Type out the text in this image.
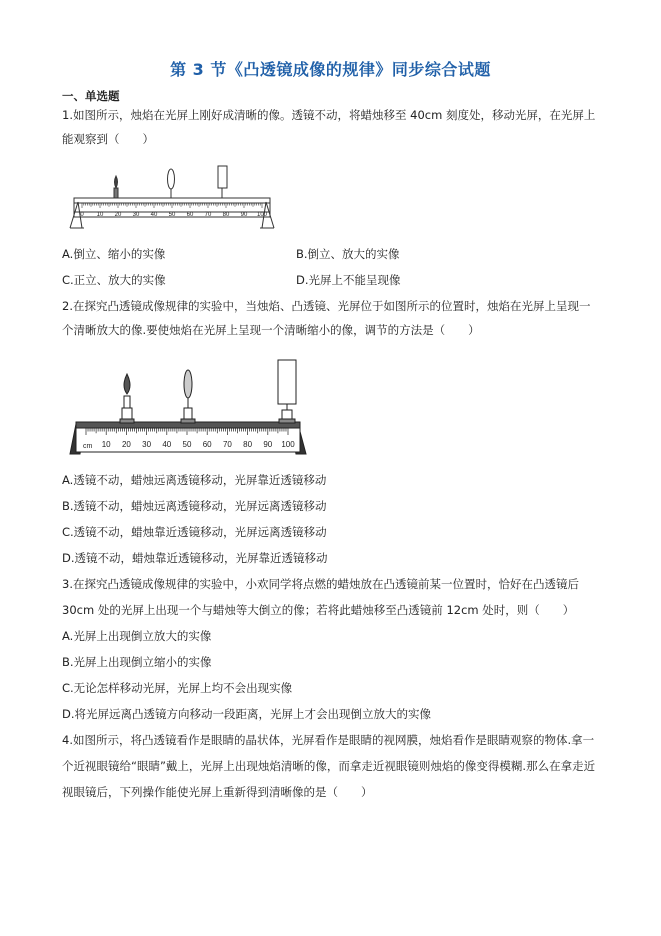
第 3 节《凸透镜成像的规律》同步综合试题
一、单选题
1.如图所示，烛焰在光屏上刚好成清晰的像。透镜不动，将蜡烛移至 40cm 刻度处，移动光屏，在光屏上
能观察到（　　）
0 10 20 30 40 50 60 70 80 90 100
A.倒立、缩小的实像	B.倒立、放大的实像
C.正立、放大的实像	D.光屏上不能呈现像
2.在探究凸透镜成像规律的实验中，当烛焰、凸透镜、光屏位于如图所示的位置时，烛焰在光屏上呈现一
个清晰放大的像.要使烛焰在光屏上呈现一个清晰缩小的像，调节的方法是（　　）
cm 10 20 30 40 50 60 70 80 90 100
A.透镜不动，蜡烛远离透镜移动，光屏靠近透镜移动
B.透镜不动，蜡烛远离透镜移动，光屏远离透镜移动
C.透镜不动，蜡烛靠近透镜移动，光屏远离透镜移动
D.透镜不动，蜡烛靠近透镜移动，光屏靠近透镜移动
3.在探究凸透镜成像规律的实验中，小欢同学将点燃的蜡烛放在凸透镜前某一位置时，恰好在凸透镜后
30cm 处的光屏上出现一个与蜡烛等大倒立的像；若将此蜡烛移至凸透镜前 12cm 处时，则（　　）
A.光屏上出现倒立放大的实像
B.光屏上出现倒立缩小的实像
C.无论怎样移动光屏，光屏上均不会出现实像
D.将光屏远离凸透镜方向移动一段距离，光屏上才会出现倒立放大的实像
4.如图所示，将凸透镜看作是眼睛的晶状体，光屏看作是眼睛的视网膜，烛焰看作是眼睛观察的物体.拿一
个近视眼镜给“眼睛”戴上，光屏上出现烛焰清晰的像，而拿走近视眼镜则烛焰的像变得模糊.那么在拿走近
视眼镜后，下列操作能使光屏上重新得到清晰像的是（　　）
